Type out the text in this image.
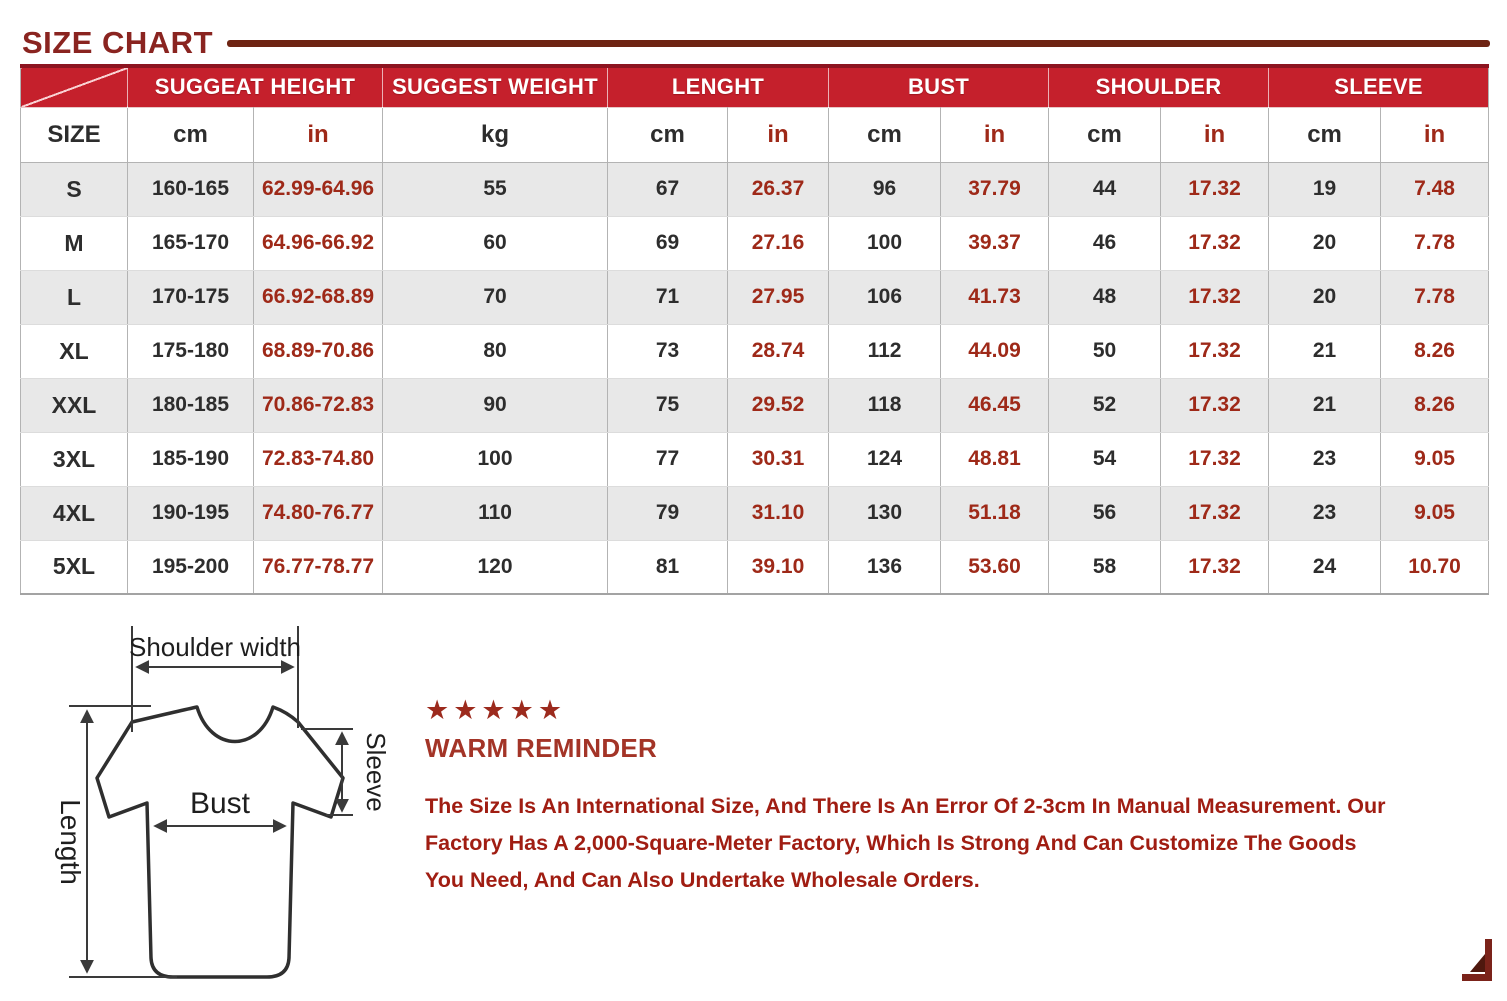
SIZE CHART
	SUGGEAT HEIGHT		SUGGEST WEIGHT	LENGHT		BUST		SHOULDER		SLEEVE	
SIZE	cm	in	kg	cm	in	cm	in	cm	in	cm	in
S	160-165	62.99-64.96	55	67	26.37	96	37.79	44	17.32	19	7.48
M	165-170	64.96-66.92	60	69	27.16	100	39.37	46	17.32	20	7.78
L	170-175	66.92-68.89	70	71	27.95	106	41.73	48	17.32	20	7.78
XL	175-180	68.89-70.86	80	73	28.74	112	44.09	50	17.32	21	8.26
XXL	180-185	70.86-72.83	90	75	29.52	118	46.45	52	17.32	21	8.26
3XL	185-190	72.83-74.80	100	77	30.31	124	48.81	54	17.32	23	9.05
4XL	190-195	74.80-76.77	110	79	31.10	130	51.18	56	17.32	23	9.05
5XL	195-200	76.77-78.77	120	81	39.10	136	53.60	58	17.32	24	10.70
Shoulder width
Length
Sleeve
Bust
★★★★★
WARM REMINDER

The Size Is An International Size, And There Is An Error Of 2-3cm In Manual Measurement. Our Factory Has A 2,000-Square-Meter Factory, Which Is Strong And Can Customize The Goods You Need, And Can Also Undertake Wholesale Orders.
